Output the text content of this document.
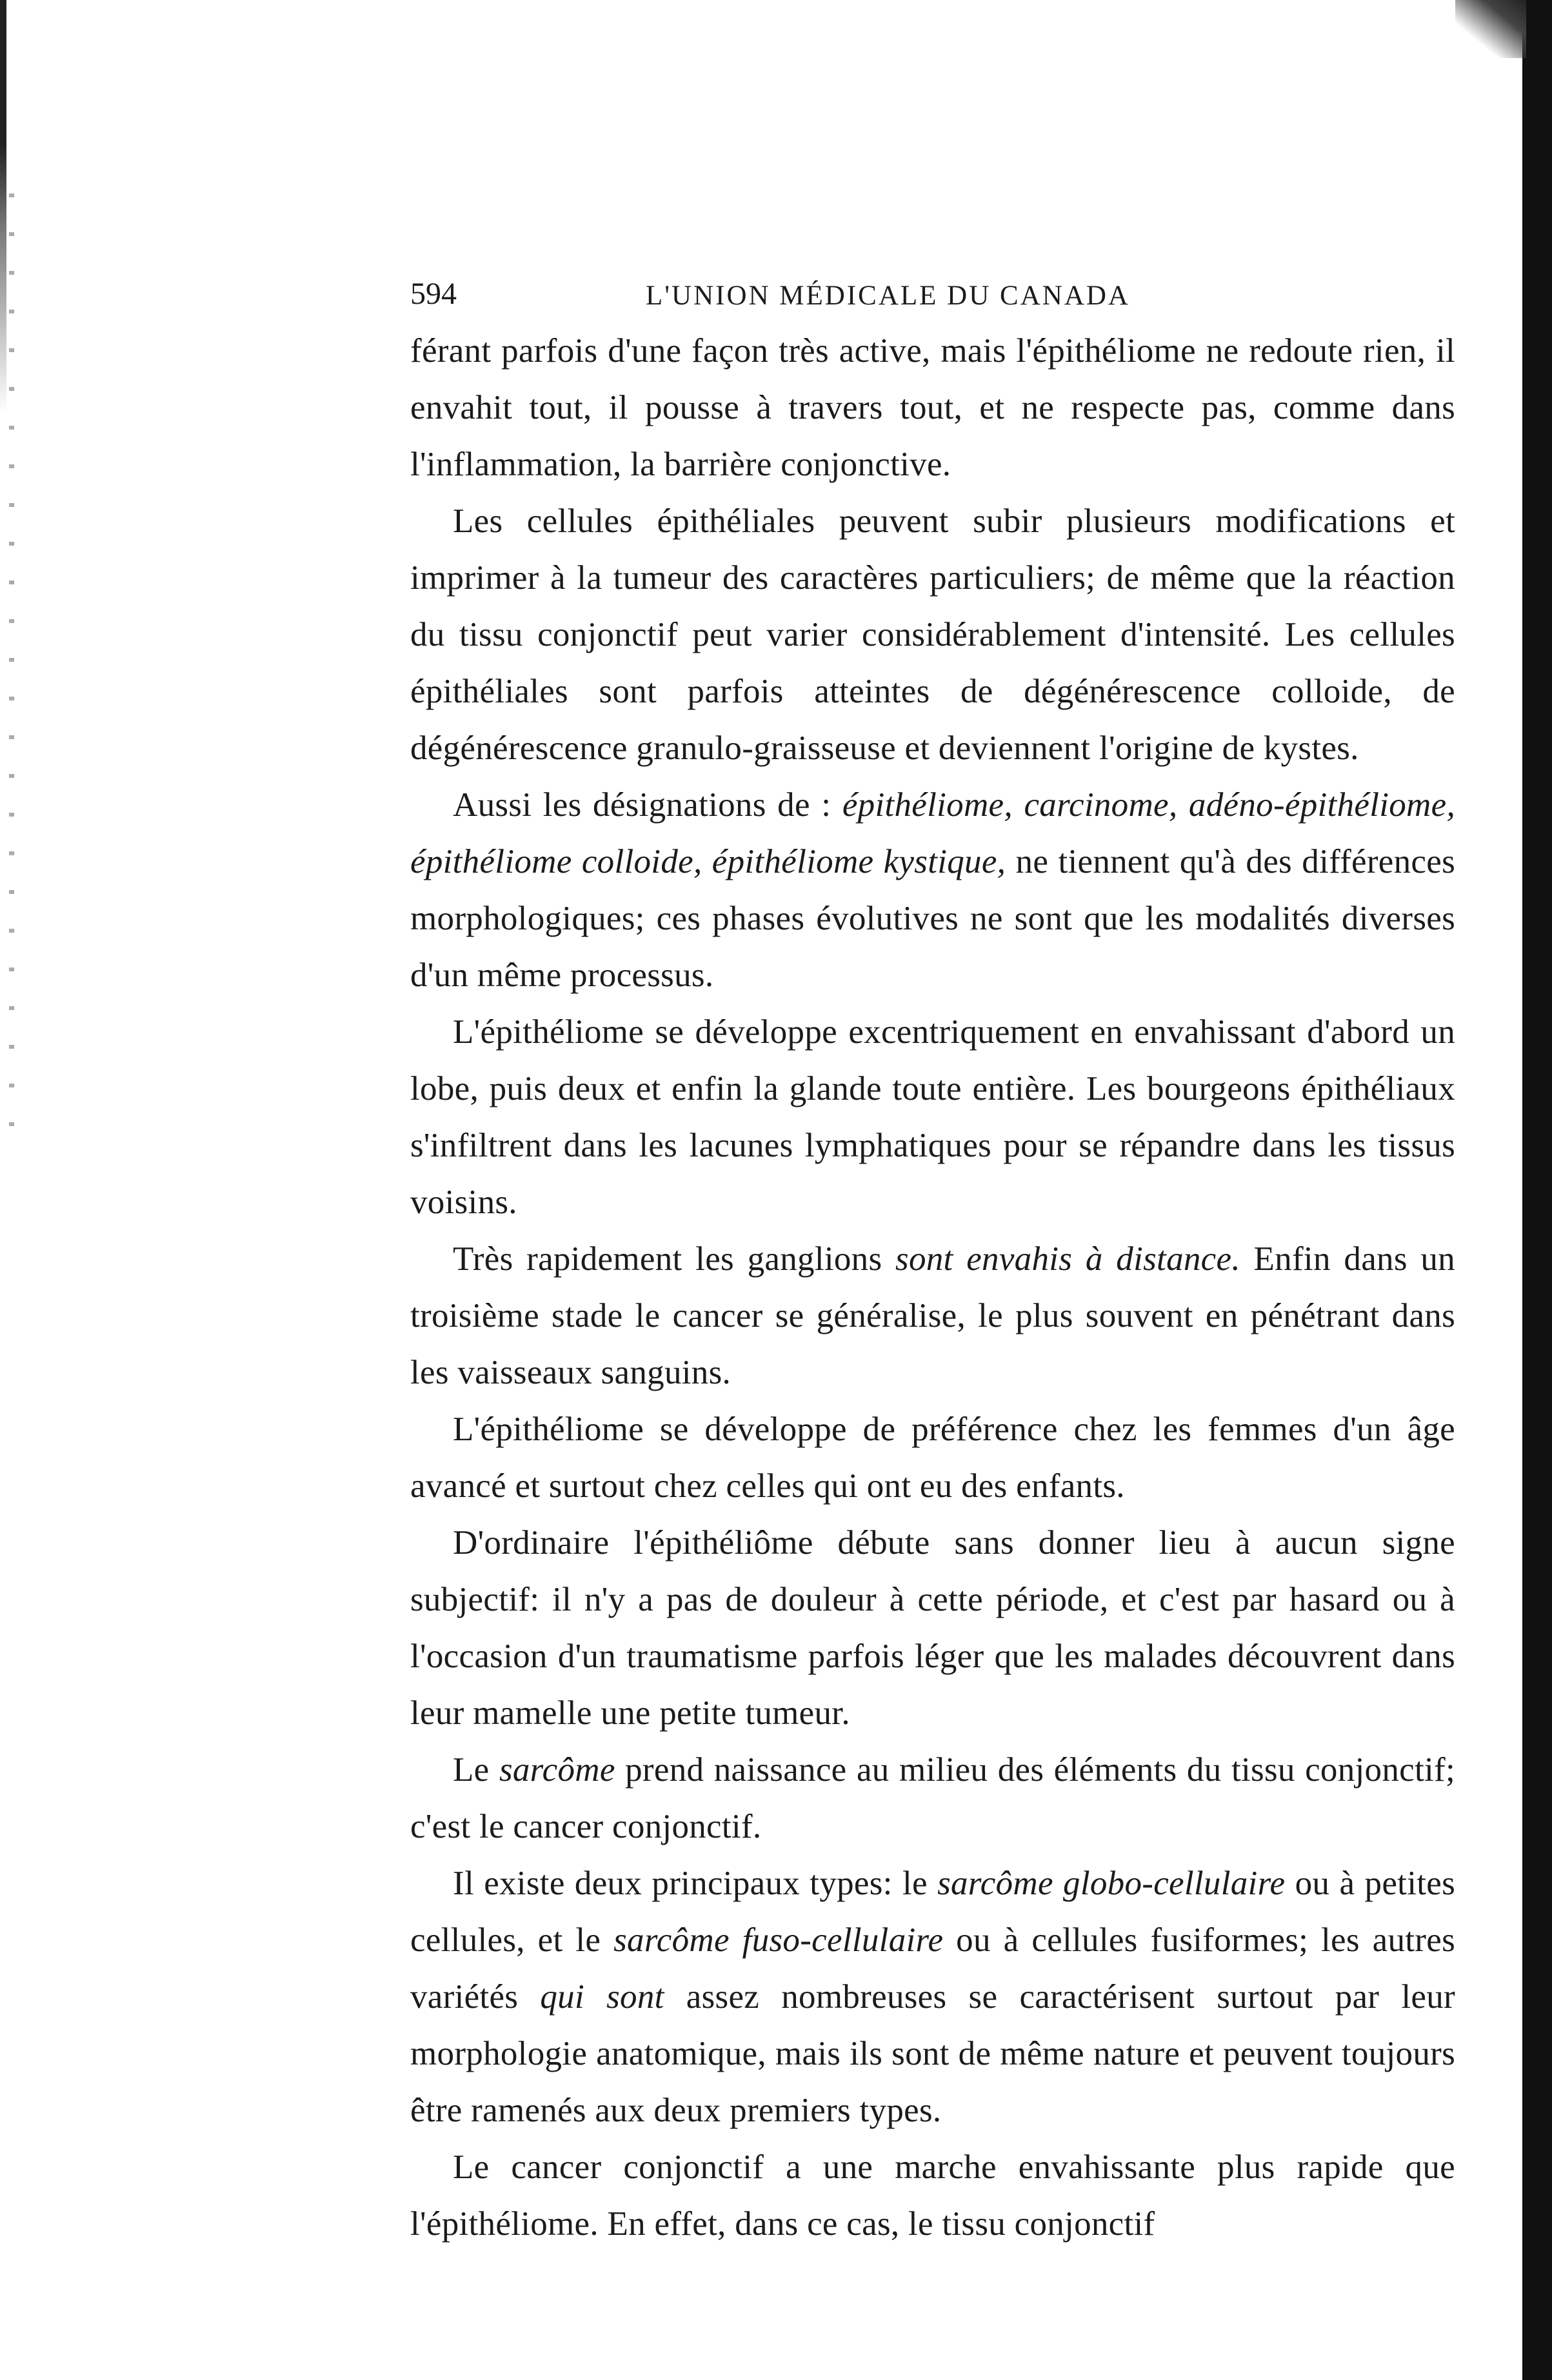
594	L'UNION MÉDICALE DU CANADA

férant parfois d'une façon très active, mais l'épithéliome ne redoute rien, il envahit tout, il pousse à travers tout, et ne respecte pas, comme dans l'inflammation, la barrière conjonctive.

Les cellules épithéliales peuvent subir plusieurs modifications et imprimer à la tumeur des caractères particuliers; de même que la réaction du tissu conjonctif peut varier considérablement d'intensité. Les cellules épithéliales sont parfois atteintes de dégénérescence colloide, de dégénérescence granulo-graisseuse et deviennent l'origine de kystes.

Aussi les désignations de : épithéliome, carcinome, adéno-épithéliome, épithéliome colloide, épithéliome kystique, ne tiennent qu'à des différences morphologiques; ces phases évolutives ne sont que les modalités diverses d'un même processus.

L'épithéliome se développe excentriquement en envahissant d'abord un lobe, puis deux et enfin la glande toute entière. Les bourgeons épithéliaux s'infiltrent dans les lacunes lymphatiques pour se répandre dans les tissus voisins.

Très rapidement les ganglions sont envahis à distance. Enfin dans un troisième stade le cancer se généralise, le plus souvent en pénétrant dans les vaisseaux sanguins.

L'épithéliome se développe de préférence chez les femmes d'un âge avancé et surtout chez celles qui ont eu des enfants.

D'ordinaire l'épithéliôme débute sans donner lieu à aucun signe subjectif: il n'y a pas de douleur à cette période, et c'est par hasard ou à l'occasion d'un traumatisme parfois léger que les malades découvrent dans leur mamelle une petite tumeur.

Le sarcôme prend naissance au milieu des éléments du tissu conjonctif; c'est le cancer conjonctif.

Il existe deux principaux types: le sarcôme globo-cellulaire ou à petites cellules, et le sarcôme fuso-cellulaire ou à cellules fusiformes; les autres variétés qui sont assez nombreuses se caractérisent surtout par leur morphologie anatomique, mais ils sont de même nature et peuvent toujours être ramenés aux deux premiers types.

Le cancer conjonctif a une marche envahissante plus rapide que l'épithéliome. En effet, dans ce cas, le tissu conjonctif
